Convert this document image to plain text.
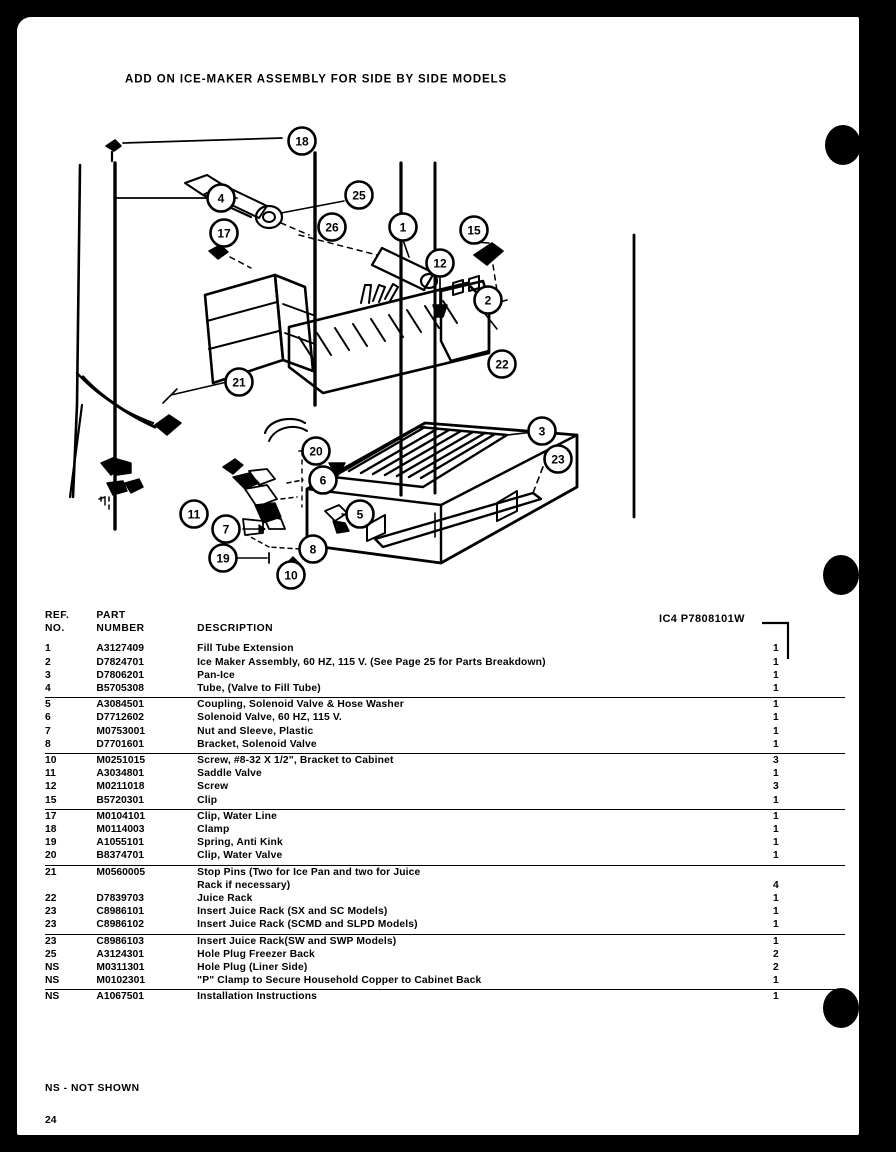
ADD ON ICE-MAKER ASSEMBLY FOR SIDE BY SIDE MODELS
18
4
17
25
26	1	15
12
2
22
21
3
20
6
23
11
7
5
19
8
10
IC4 P7808101W
REF.	PART		
NO.	NUMBER	DESCRIPTION	

1	A3127409	Fill Tube Extension	1
2	D7824701	Ice Maker Assembly, 60 HZ, 115 V. (See Page 25 for Parts Breakdown)	1
3	D7806201	Pan-Ice	1
4	B5705308	Tube, (Valve to Fill Tube)	1

5	A3084501	Coupling, Solenoid Valve & Hose Washer	1
6	D7712602	Solenoid Valve, 60 HZ, 115 V.	1
7	M0753001	Nut and Sleeve, Plastic	1
8	D7701601	Bracket, Solenoid Valve	1

10	M0251015	Screw, #8-32 X 1/2", Bracket to Cabinet	3
11	A3034801	Saddle Valve	1
12	M0211018	Screw	3
15	B5720301	Clip	1

17	M0104101	Clip, Water Line	1
18	M0114003	Clamp	1
19	A1055101	Spring, Anti Kink	1
20	B8374701	Clip, Water Valve	1

21	M0560005	Stop Pins (Two for Ice Pan and two for Juice	
		Rack if necessary)	4
22	D7839703	Juice Rack	1
23	C8986101	Insert Juice Rack (SX and SC Models)	1
23	C8986102	Insert Juice Rack (SCMD and SLPD Models)	1

23	C8986103	Insert Juice Rack(SW and SWP Models)	1
25	A3124301	Hole Plug Freezer Back	2
NS	M0311301	Hole Plug (Liner Side)	2
NS	M0102301	"P" Clamp to Secure Household Copper to Cabinet Back	1

NS	A1067501	Installation Instructions	1
NS - NOT SHOWN
24
